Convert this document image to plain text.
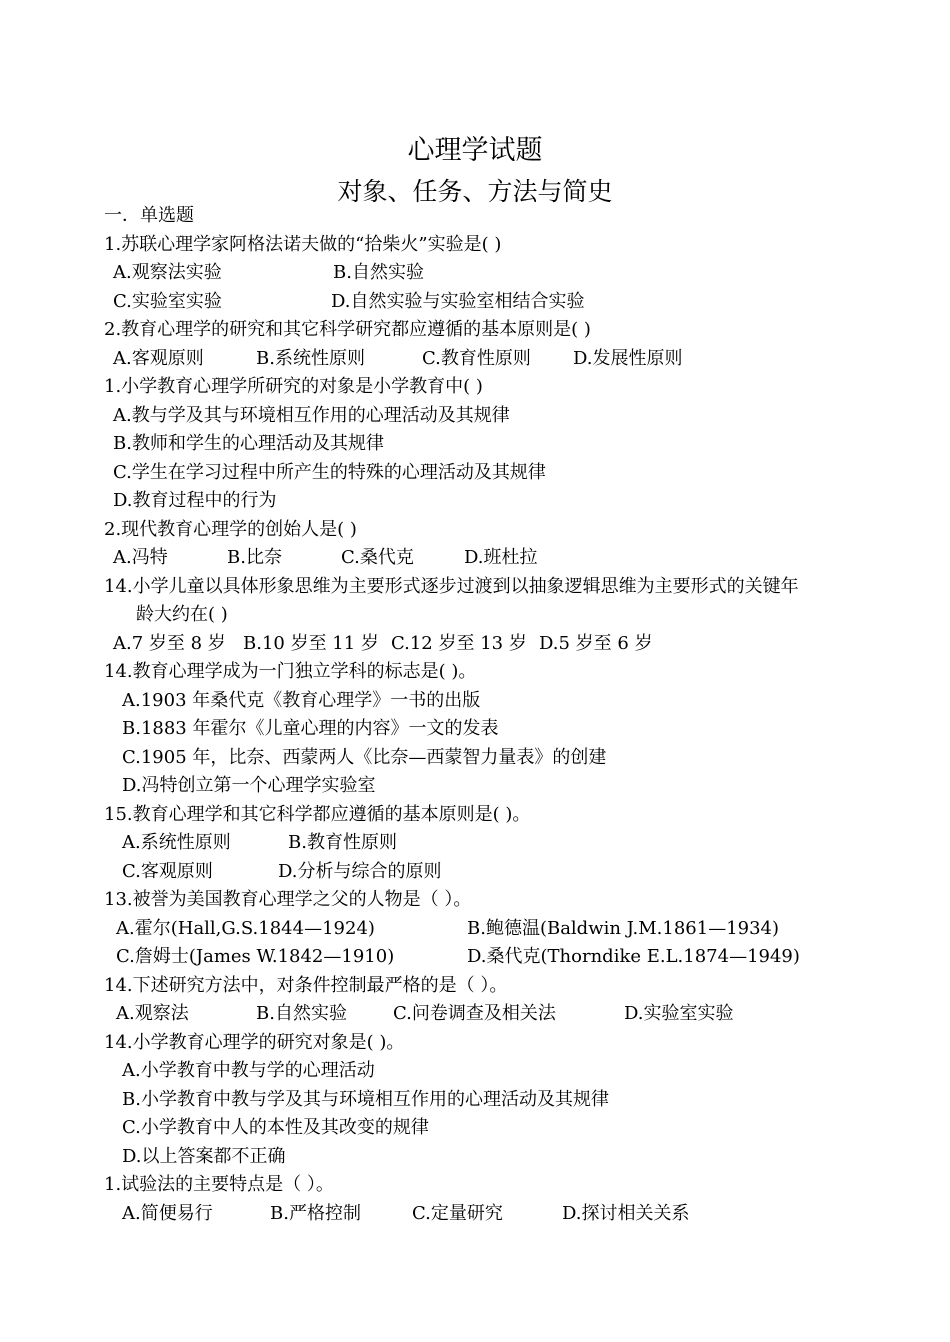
心理学试题
对象、任务、方法与简史
一．单选题
1.苏联心理学家阿格法诺夫做的“拾柴火”实验是( )
A.观察法实验	B.自然实验
C.实验室实验	D.自然实验与实验室相结合实验
2.教育心理学的研究和其它科学研究都应遵循的基本原则是( )
A.客观原则	B.系统性原则	C.教育性原则 D.发展性原则
1.小学教育心理学所研究的对象是小学教育中( )
A.教与学及其与环境相互作用的心理活动及其规律
B.教师和学生的心理活动及其规律
C.学生在学习过程中所产生的特殊的心理活动及其规律
D.教育过程中的行为
2.现代教育心理学的创始人是( )
A.冯特	B.比奈	C.桑代克	D.班杜拉
14.小学儿童以具体形象思维为主要形式逐步过渡到以抽象逻辑思维为主要形式的关键年
龄大约在( )
A.7 岁至 8 岁 B.10 岁至 11 岁 C.12 岁至 13 岁 D.5 岁至 6 岁
14.教育心理学成为一门独立学科的标志是( )。
A.1903 年桑代克《教育心理学》一书的出版
B.1883 年霍尔《儿童心理的内容》一文的发表
C.1905 年，比奈、西蒙两人《比奈—西蒙智力量表》的创建
D.冯特创立第一个心理学实验室
15.教育心理学和其它科学都应遵循的基本原则是( )。
A.系统性原则	B.教育性原则
C.客观原则	D.分析与综合的原则
13.被誉为美国教育心理学之父的人物是（ ）。
A.霍尔(Hall,G.S.1844—1924)	B.鲍德温(Baldwin J.M.1861—1934)
C.詹姆士(James W.1842—1910)	D.桑代克(Thorndike E.L.1874—1949)
14.下述研究方法中，对条件控制最严格的是（ ）。
A.观察法	B.自然实验	C.问卷调查及相关法	D.实验室实验
14.小学教育心理学的研究对象是( )。
A.小学教育中教与学的心理活动
B.小学教育中教与学及其与环境相互作用的心理活动及其规律
C.小学教育中人的本性及其改变的规律
D.以上答案都不正确
1.试验法的主要特点是（ ）。
A.简便易行	B.严格控制	C.定量研究	D.探讨相关关系
